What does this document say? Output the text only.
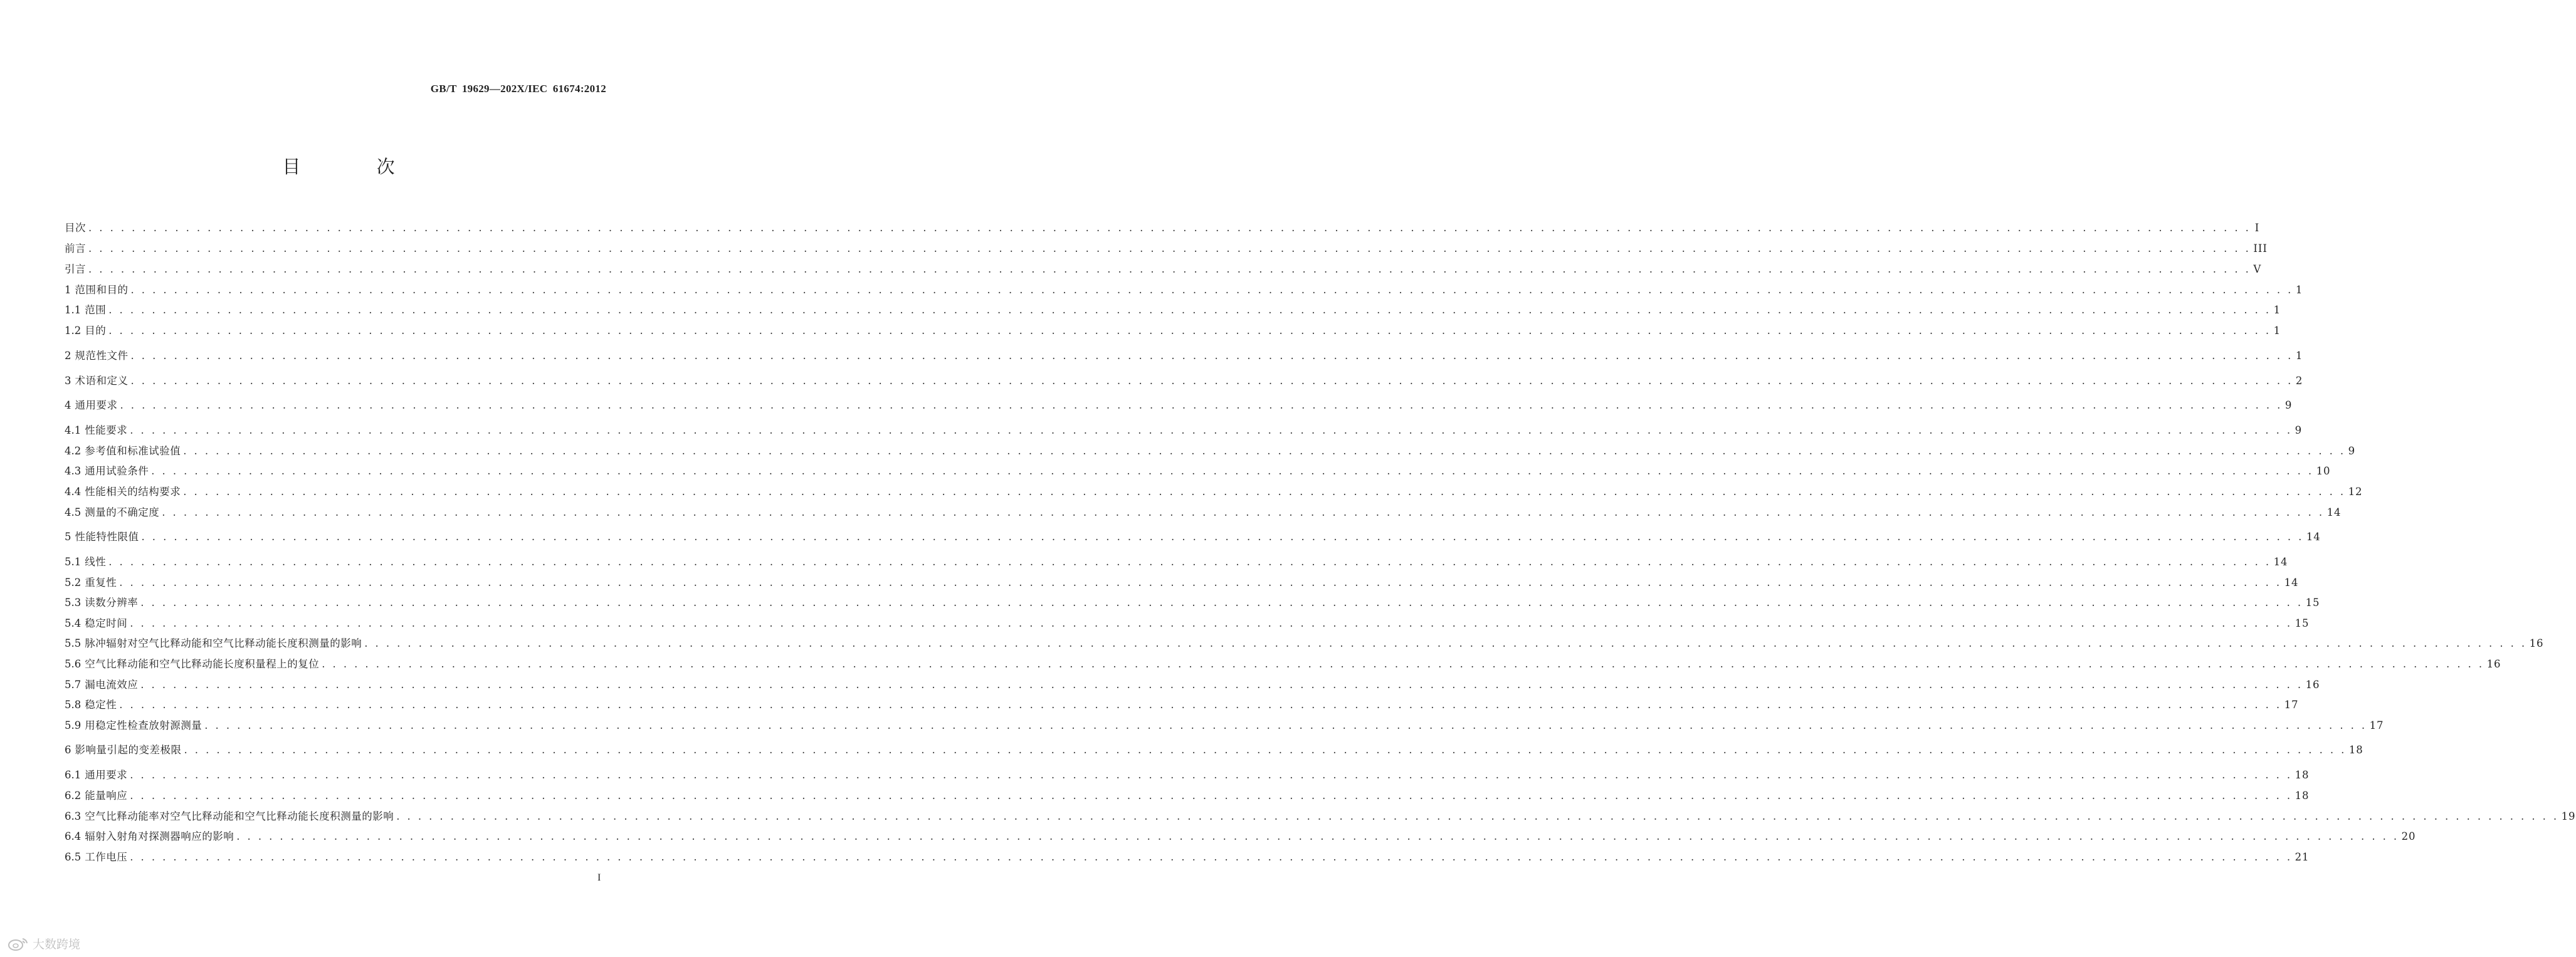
GB/T 19629—202X/IEC 61674:2012
目 次
目次 . . . . . . . . . . . . . . . . . . . . . . . . . . . . . . . . . . . . . . . . . . . . . . . . . . . . . . . . . . . . . . . . . . . . . . . . . . . . . . . . . . . . . . . . . . . . . . . . . . . . . . . . . . . . . . . . . . . . . . . . . . . . . . . . . . . . . . . . . . . . . . . . . . . . . . . . . . . . . . . . . . . . . . . . . . . . . . . . . . . . . . . . . . . . . . . . . . . . . . . . I
前言 . . . . . . . . . . . . . . . . . . . . . . . . . . . . . . . . . . . . . . . . . . . . . . . . . . . . . . . . . . . . . . . . . . . . . . . . . . . . . . . . . . . . . . . . . . . . . . . . . . . . . . . . . . . . . . . . . . . . . . . . . . . . . . . . . . . . . . . . . . . . . . . . . . . . . . . . . . . . . . . . . . . . . . . . . . . . . . . . . . . . . . . . . . . . . . . . . . . . . . . . III
引言 . . . . . . . . . . . . . . . . . . . . . . . . . . . . . . . . . . . . . . . . . . . . . . . . . . . . . . . . . . . . . . . . . . . . . . . . . . . . . . . . . . . . . . . . . . . . . . . . . . . . . . . . . . . . . . . . . . . . . . . . . . . . . . . . . . . . . . . . . . . . . . . . . . . . . . . . . . . . . . . . . . . . . . . . . . . . . . . . . . . . . . . . . . . . . . . . . . . . . . . . V
1 范围和目的 . . . . . . . . . . . . . . . . . . . . . . . . . . . . . . . . . . . . . . . . . . . . . . . . . . . . . . . . . . . . . . . . . . . . . . . . . . . . . . . . . . . . . . . . . . . . . . . . . . . . . . . . . . . . . . . . . . . . . . . . . . . . . . . . . . . . . . . . . . . . . . . . . . . . . . . . . . . . . . . . . . . . . . . . . . . . . . . . . . . . . . . . . . . . . . . . . . . . . . . . 1
1.1 范围 . . . . . . . . . . . . . . . . . . . . . . . . . . . . . . . . . . . . . . . . . . . . . . . . . . . . . . . . . . . . . . . . . . . . . . . . . . . . . . . . . . . . . . . . . . . . . . . . . . . . . . . . . . . . . . . . . . . . . . . . . . . . . . . . . . . . . . . . . . . . . . . . . . . . . . . . . . . . . . . . . . . . . . . . . . . . . . . . . . . . . . . . . . . . . . . . . . . . . . . . 1
1.2 目的 . . . . . . . . . . . . . . . . . . . . . . . . . . . . . . . . . . . . . . . . . . . . . . . . . . . . . . . . . . . . . . . . . . . . . . . . . . . . . . . . . . . . . . . . . . . . . . . . . . . . . . . . . . . . . . . . . . . . . . . . . . . . . . . . . . . . . . . . . . . . . . . . . . . . . . . . . . . . . . . . . . . . . . . . . . . . . . . . . . . . . . . . . . . . . . . . . . . . . . . . 1
2 规范性文件 . . . . . . . . . . . . . . . . . . . . . . . . . . . . . . . . . . . . . . . . . . . . . . . . . . . . . . . . . . . . . . . . . . . . . . . . . . . . . . . . . . . . . . . . . . . . . . . . . . . . . . . . . . . . . . . . . . . . . . . . . . . . . . . . . . . . . . . . . . . . . . . . . . . . . . . . . . . . . . . . . . . . . . . . . . . . . . . . . . . . . . . . . . . . . . . . . . . . . . . . 1
3 术语和定义 . . . . . . . . . . . . . . . . . . . . . . . . . . . . . . . . . . . . . . . . . . . . . . . . . . . . . . . . . . . . . . . . . . . . . . . . . . . . . . . . . . . . . . . . . . . . . . . . . . . . . . . . . . . . . . . . . . . . . . . . . . . . . . . . . . . . . . . . . . . . . . . . . . . . . . . . . . . . . . . . . . . . . . . . . . . . . . . . . . . . . . . . . . . . . . . . . . . . . . . . 2
4 通用要求 . . . . . . . . . . . . . . . . . . . . . . . . . . . . . . . . . . . . . . . . . . . . . . . . . . . . . . . . . . . . . . . . . . . . . . . . . . . . . . . . . . . . . . . . . . . . . . . . . . . . . . . . . . . . . . . . . . . . . . . . . . . . . . . . . . . . . . . . . . . . . . . . . . . . . . . . . . . . . . . . . . . . . . . . . . . . . . . . . . . . . . . . . . . . . . . . . . . . . . . . 9
4.1 性能要求 . . . . . . . . . . . . . . . . . . . . . . . . . . . . . . . . . . . . . . . . . . . . . . . . . . . . . . . . . . . . . . . . . . . . . . . . . . . . . . . . . . . . . . . . . . . . . . . . . . . . . . . . . . . . . . . . . . . . . . . . . . . . . . . . . . . . . . . . . . . . . . . . . . . . . . . . . . . . . . . . . . . . . . . . . . . . . . . . . . . . . . . . . . . . . . . . . . . . . . . . 9
4.2 参考值和标准试验值 . . . . . . . . . . . . . . . . . . . . . . . . . . . . . . . . . . . . . . . . . . . . . . . . . . . . . . . . . . . . . . . . . . . . . . . . . . . . . . . . . . . . . . . . . . . . . . . . . . . . . . . . . . . . . . . . . . . . . . . . . . . . . . . . . . . . . . . . . . . . . . . . . . . . . . . . . . . . . . . . . . . . . . . . . . . . . . . . . . . . . . . . . . . . . . . . . . . . . . . . 9
4.3 通用试验条件 . . . . . . . . . . . . . . . . . . . . . . . . . . . . . . . . . . . . . . . . . . . . . . . . . . . . . . . . . . . . . . . . . . . . . . . . . . . . . . . . . . . . . . . . . . . . . . . . . . . . . . . . . . . . . . . . . . . . . . . . . . . . . . . . . . . . . . . . . . . . . . . . . . . . . . . . . . . . . . . . . . . . . . . . . . . . . . . . . . . . . . . . . . . . . . . . . . . . . . . . 10
4.4 性能相关的结构要求 . . . . . . . . . . . . . . . . . . . . . . . . . . . . . . . . . . . . . . . . . . . . . . . . . . . . . . . . . . . . . . . . . . . . . . . . . . . . . . . . . . . . . . . . . . . . . . . . . . . . . . . . . . . . . . . . . . . . . . . . . . . . . . . . . . . . . . . . . . . . . . . . . . . . . . . . . . . . . . . . . . . . . . . . . . . . . . . . . . . . . . . . . . . . . . . . . . . . . . . . 12
4.5 测量的不确定度 . . . . . . . . . . . . . . . . . . . . . . . . . . . . . . . . . . . . . . . . . . . . . . . . . . . . . . . . . . . . . . . . . . . . . . . . . . . . . . . . . . . . . . . . . . . . . . . . . . . . . . . . . . . . . . . . . . . . . . . . . . . . . . . . . . . . . . . . . . . . . . . . . . . . . . . . . . . . . . . . . . . . . . . . . . . . . . . . . . . . . . . . . . . . . . . . . . . . . . . . 14
5 性能特性限值 . . . . . . . . . . . . . . . . . . . . . . . . . . . . . . . . . . . . . . . . . . . . . . . . . . . . . . . . . . . . . . . . . . . . . . . . . . . . . . . . . . . . . . . . . . . . . . . . . . . . . . . . . . . . . . . . . . . . . . . . . . . . . . . . . . . . . . . . . . . . . . . . . . . . . . . . . . . . . . . . . . . . . . . . . . . . . . . . . . . . . . . . . . . . . . . . . . . . . . . . 14
5.1 线性 . . . . . . . . . . . . . . . . . . . . . . . . . . . . . . . . . . . . . . . . . . . . . . . . . . . . . . . . . . . . . . . . . . . . . . . . . . . . . . . . . . . . . . . . . . . . . . . . . . . . . . . . . . . . . . . . . . . . . . . . . . . . . . . . . . . . . . . . . . . . . . . . . . . . . . . . . . . . . . . . . . . . . . . . . . . . . . . . . . . . . . . . . . . . . . . . . . . . . . . . 14
5.2 重复性 . . . . . . . . . . . . . . . . . . . . . . . . . . . . . . . . . . . . . . . . . . . . . . . . . . . . . . . . . . . . . . . . . . . . . . . . . . . . . . . . . . . . . . . . . . . . . . . . . . . . . . . . . . . . . . . . . . . . . . . . . . . . . . . . . . . . . . . . . . . . . . . . . . . . . . . . . . . . . . . . . . . . . . . . . . . . . . . . . . . . . . . . . . . . . . . . . . . . . . . . 14
5.3 读数分辨率 . . . . . . . . . . . . . . . . . . . . . . . . . . . . . . . . . . . . . . . . . . . . . . . . . . . . . . . . . . . . . . . . . . . . . . . . . . . . . . . . . . . . . . . . . . . . . . . . . . . . . . . . . . . . . . . . . . . . . . . . . . . . . . . . . . . . . . . . . . . . . . . . . . . . . . . . . . . . . . . . . . . . . . . . . . . . . . . . . . . . . . . . . . . . . . . . . . . . . . . . 15
5.4 稳定时间 . . . . . . . . . . . . . . . . . . . . . . . . . . . . . . . . . . . . . . . . . . . . . . . . . . . . . . . . . . . . . . . . . . . . . . . . . . . . . . . . . . . . . . . . . . . . . . . . . . . . . . . . . . . . . . . . . . . . . . . . . . . . . . . . . . . . . . . . . . . . . . . . . . . . . . . . . . . . . . . . . . . . . . . . . . . . . . . . . . . . . . . . . . . . . . . . . . . . . . . . 15
5.5 脉冲辐射对空气比释动能和空气比释动能长度积测量的影响 . . . . . . . . . . . . . . . . . . . . . . . . . . . . . . . . . . . . . . . . . . . . . . . . . . . . . . . . . . . . . . . . . . . . . . . . . . . . . . . . . . . . . . . . . . . . . . . . . . . . . . . . . . . . . . . . . . . . . . . . . . . . . . . . . . . . . . . . . . . . . . . . . . . . . . . . . . . . . . . . . . . . . . . . . . . . . . . . . . . . . . . . . . . . . . . . . . . . . . . . 16
5.6 空气比释动能和空气比释动能长度积量程上的复位 . . . . . . . . . . . . . . . . . . . . . . . . . . . . . . . . . . . . . . . . . . . . . . . . . . . . . . . . . . . . . . . . . . . . . . . . . . . . . . . . . . . . . . . . . . . . . . . . . . . . . . . . . . . . . . . . . . . . . . . . . . . . . . . . . . . . . . . . . . . . . . . . . . . . . . . . . . . . . . . . . . . . . . . . . . . . . . . . . . . . . . . . . . . . . . . . . . . . . . . . 16
5.7 漏电流效应 . . . . . . . . . . . . . . . . . . . . . . . . . . . . . . . . . . . . . . . . . . . . . . . . . . . . . . . . . . . . . . . . . . . . . . . . . . . . . . . . . . . . . . . . . . . . . . . . . . . . . . . . . . . . . . . . . . . . . . . . . . . . . . . . . . . . . . . . . . . . . . . . . . . . . . . . . . . . . . . . . . . . . . . . . . . . . . . . . . . . . . . . . . . . . . . . . . . . . . . . 16
5.8 稳定性 . . . . . . . . . . . . . . . . . . . . . . . . . . . . . . . . . . . . . . . . . . . . . . . . . . . . . . . . . . . . . . . . . . . . . . . . . . . . . . . . . . . . . . . . . . . . . . . . . . . . . . . . . . . . . . . . . . . . . . . . . . . . . . . . . . . . . . . . . . . . . . . . . . . . . . . . . . . . . . . . . . . . . . . . . . . . . . . . . . . . . . . . . . . . . . . . . . . . . . . . 17
5.9 用稳定性检查放射源测量 . . . . . . . . . . . . . . . . . . . . . . . . . . . . . . . . . . . . . . . . . . . . . . . . . . . . . . . . . . . . . . . . . . . . . . . . . . . . . . . . . . . . . . . . . . . . . . . . . . . . . . . . . . . . . . . . . . . . . . . . . . . . . . . . . . . . . . . . . . . . . . . . . . . . . . . . . . . . . . . . . . . . . . . . . . . . . . . . . . . . . . . . . . . . . . . . . . . . . . . . 17
6 影响量引起的变差极限 . . . . . . . . . . . . . . . . . . . . . . . . . . . . . . . . . . . . . . . . . . . . . . . . . . . . . . . . . . . . . . . . . . . . . . . . . . . . . . . . . . . . . . . . . . . . . . . . . . . . . . . . . . . . . . . . . . . . . . . . . . . . . . . . . . . . . . . . . . . . . . . . . . . . . . . . . . . . . . . . . . . . . . . . . . . . . . . . . . . . . . . . . . . . . . . . . . . . . . . . 18
6.1 通用要求 . . . . . . . . . . . . . . . . . . . . . . . . . . . . . . . . . . . . . . . . . . . . . . . . . . . . . . . . . . . . . . . . . . . . . . . . . . . . . . . . . . . . . . . . . . . . . . . . . . . . . . . . . . . . . . . . . . . . . . . . . . . . . . . . . . . . . . . . . . . . . . . . . . . . . . . . . . . . . . . . . . . . . . . . . . . . . . . . . . . . . . . . . . . . . . . . . . . . . . . . 18
6.2 能量响应 . . . . . . . . . . . . . . . . . . . . . . . . . . . . . . . . . . . . . . . . . . . . . . . . . . . . . . . . . . . . . . . . . . . . . . . . . . . . . . . . . . . . . . . . . . . . . . . . . . . . . . . . . . . . . . . . . . . . . . . . . . . . . . . . . . . . . . . . . . . . . . . . . . . . . . . . . . . . . . . . . . . . . . . . . . . . . . . . . . . . . . . . . . . . . . . . . . . . . . . . 18
6.3 空气比释动能率对空气比释动能和空气比释动能长度积测量的影响 . . . . . . . . . . . . . . . . . . . . . . . . . . . . . . . . . . . . . . . . . . . . . . . . . . . . . . . . . . . . . . . . . . . . . . . . . . . . . . . . . . . . . . . . . . . . . . . . . . . . . . . . . . . . . . . . . . . . . . . . . . . . . . . . . . . . . . . . . . . . . . . . . . . . . . . . . . . . . . . . . . . . . . . . . . . . . . . . . . . . . . . . . . . . . . . . . . . . . . . . 19
6.4 辐射入射角对探测器响应的影响 . . . . . . . . . . . . . . . . . . . . . . . . . . . . . . . . . . . . . . . . . . . . . . . . . . . . . . . . . . . . . . . . . . . . . . . . . . . . . . . . . . . . . . . . . . . . . . . . . . . . . . . . . . . . . . . . . . . . . . . . . . . . . . . . . . . . . . . . . . . . . . . . . . . . . . . . . . . . . . . . . . . . . . . . . . . . . . . . . . . . . . . . . . . . . . . . . . . . . . . . 20
6.5 工作电压 . . . . . . . . . . . . . . . . . . . . . . . . . . . . . . . . . . . . . . . . . . . . . . . . . . . . . . . . . . . . . . . . . . . . . . . . . . . . . . . . . . . . . . . . . . . . . . . . . . . . . . . . . . . . . . . . . . . . . . . . . . . . . . . . . . . . . . . . . . . . . . . . . . . . . . . . . . . . . . . . . . . . . . . . . . . . . . . . . . . . . . . . . . . . . . . . . . . . . . . . 21
I
大数跨境
